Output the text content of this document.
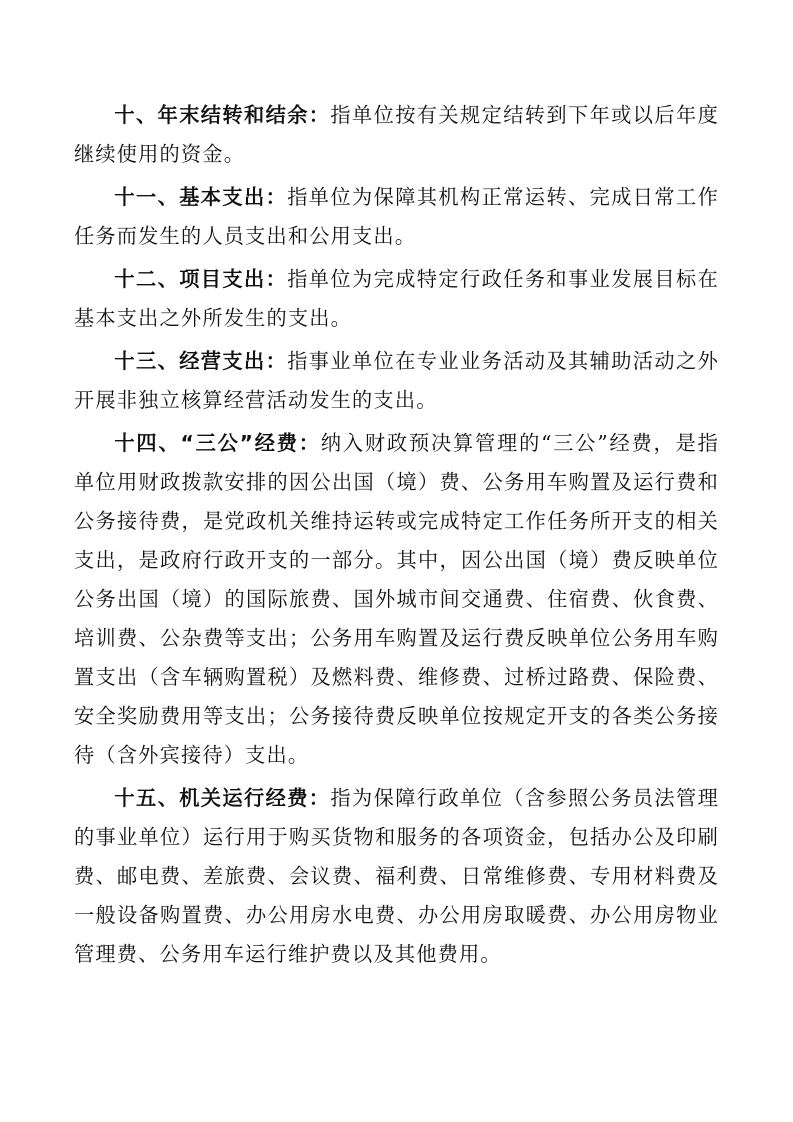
十、年末结转和结余：指单位按有关规定结转到下年或以后年度继续使用的资金。

十一、基本支出：指单位为保障其机构正常运转、完成日常工作任务而发生的人员支出和公用支出。

十二、项目支出：指单位为完成特定行政任务和事业发展目标在基本支出之外所发生的支出。

十三、经营支出：指事业单位在专业业务活动及其辅助活动之外开展非独立核算经营活动发生的支出。

十四、“三公”经费：纳入财政预决算管理的“三公”经费，是指单位用财政拨款安排的因公出国（境）费、公务用车购置及运行费和公务接待费，是党政机关维持运转或完成特定工作任务所开支的相关支出，是政府行政开支的一部分。其中，因公出国（境）费反映单位公务出国（境）的国际旅费、国外城市间交通费、住宿费、伙食费、培训费、公杂费等支出；公务用车购置及运行费反映单位公务用车购置支出（含车辆购置税）及燃料费、维修费、过桥过路费、保险费、安全奖励费用等支出；公务接待费反映单位按规定开支的各类公务接待（含外宾接待）支出。

十五、机关运行经费：指为保障行政单位（含参照公务员法管理的事业单位）运行用于购买货物和服务的各项资金，包括办公及印刷费、邮电费、差旅费、会议费、福利费、日常维修费、专用材料费及一般设备购置费、办公用房水电费、办公用房取暖费、办公用房物业管理费、公务用车运行维护费以及其他费用。
